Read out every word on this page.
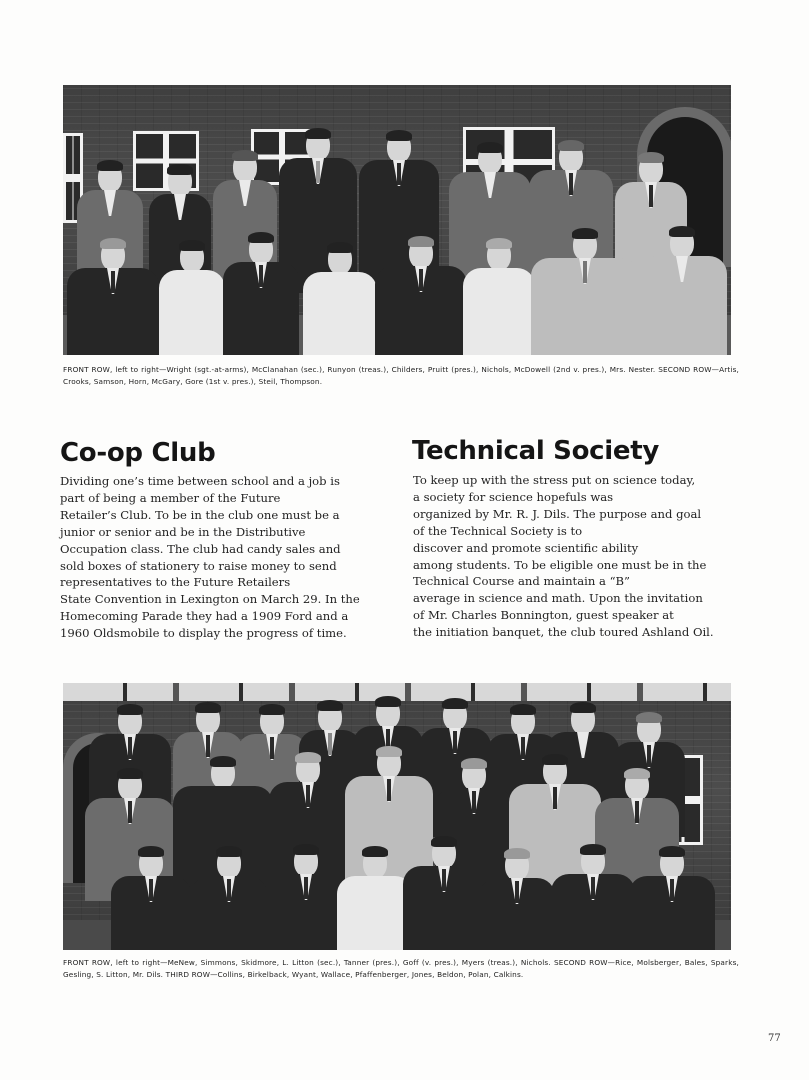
FRONT ROW, left to right—Wright (sgt.-at-arms), McClanahan (sec.), Runyon (treas.), Childers, Pruitt (pres.), Nichols, McDowell (2nd v. pres.), Mrs. Nester. SECOND ROW—Artis, Crooks, Samson, Horn, McGary, Gore (1st v. pres.), Steil, Thompson.
Co-op Club
Dividing one’s time between school and a job is
part of being a member of the Future
Retailer’s Club. To be in the club one must be a
junior or senior and be in the Distributive
Occupation class. The club had candy sales and
sold boxes of stationery to raise money to send
representatives to the Future Retailers
State Convention in Lexington on March 29. In the
Homecoming Parade they had a 1909 Ford and a
1960 Oldsmobile to display the progress of time.
Technical Society
To keep up with the stress put on science today,
a society for science hopefuls was
organized by Mr. R. J. Dils. The purpose and goal
of the Technical Society is to
discover and promote scientific ability
among students. To be eligible one must be in the
Technical Course and maintain a “B”
average in science and math. Upon the invitation
of Mr. Charles Bonnington, guest speaker at
the initiation banquet, the club toured Ashland Oil.
FRONT ROW, left to right—MeNew, Simmons, Skidmore, L. Litton (sec.), Tanner (pres.), Goff (v. pres.), Myers (treas.), Nichols. SECOND ROW—Rice, Molsberger, Bales, Sparks, Gesling, S. Litton, Mr. Dils. THIRD ROW—Collins, Birkelback, Wyant, Wallace, Pfaffenberger, Jones, Beldon, Polan, Calkins.
77
